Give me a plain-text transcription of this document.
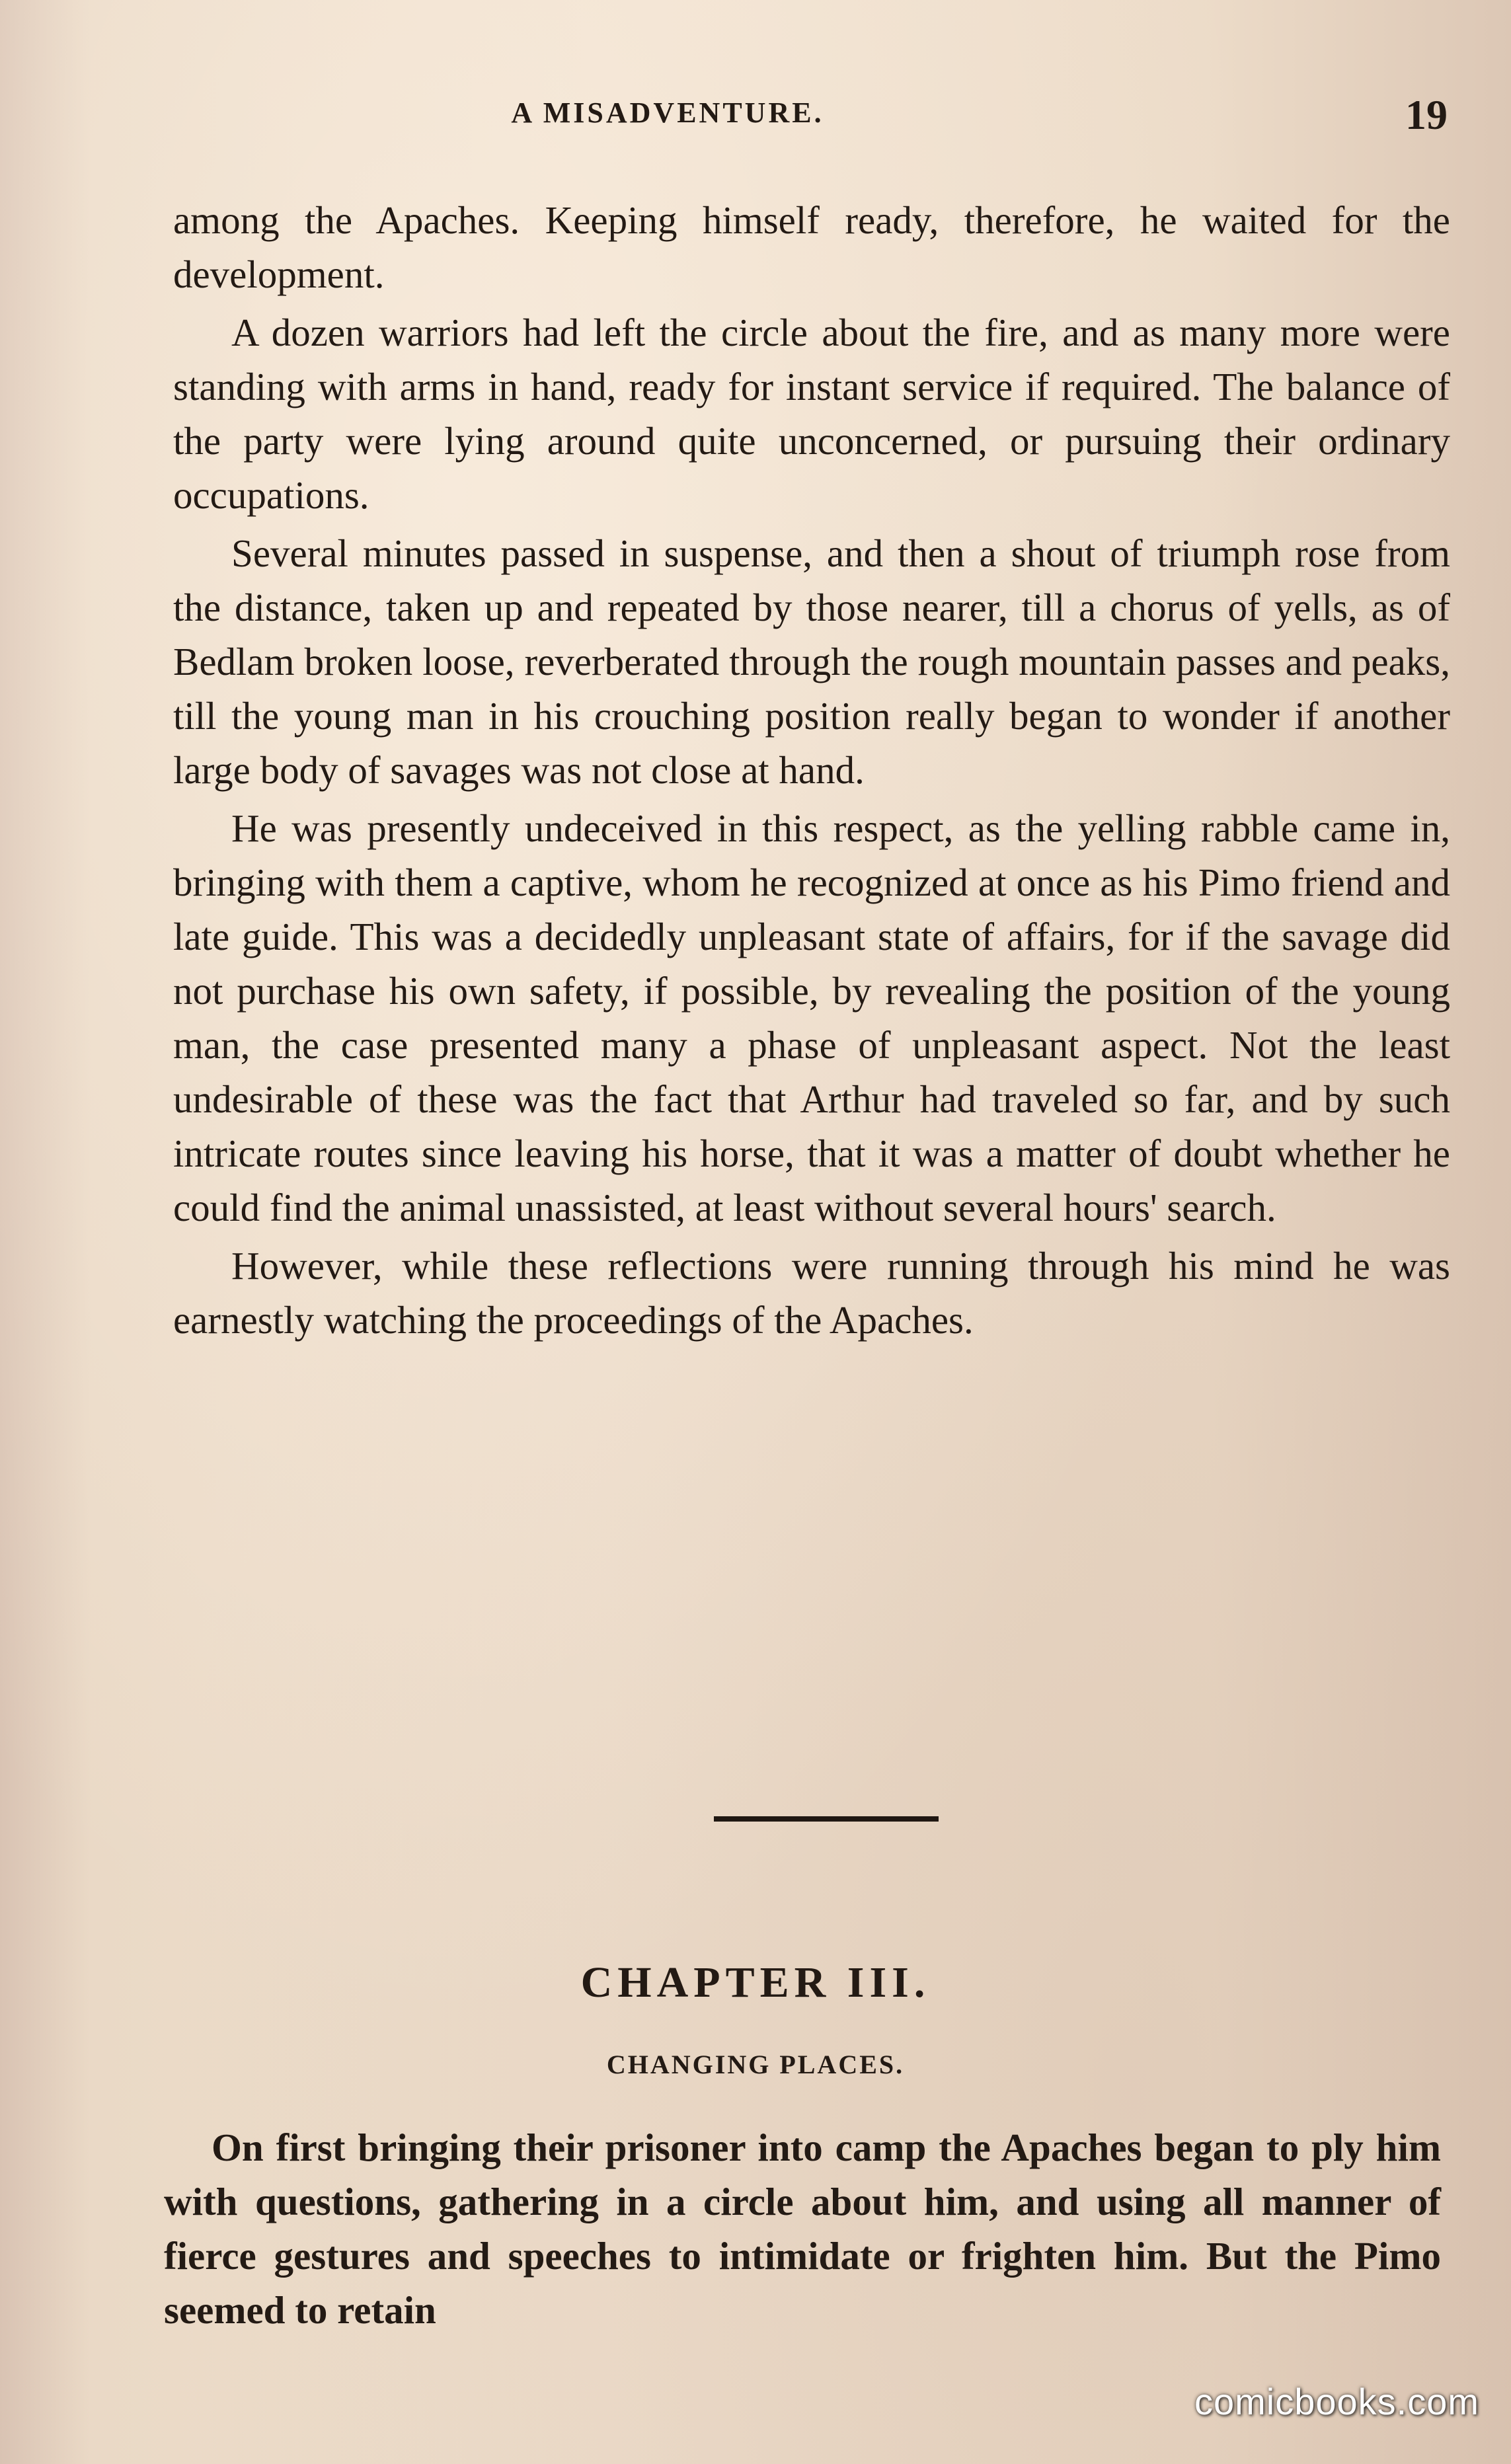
A MISADVENTURE.	19

among the Apaches. Keeping himself ready, therefore, he waited for the development.

A dozen warriors had left the circle about the fire, and as many more were standing with arms in hand, ready for instant service if required. The balance of the party were lying around quite unconcerned, or pursuing their ordinary occupations.

Several minutes passed in suspense, and then a shout of triumph rose from the distance, taken up and repeated by those nearer, till a chorus of yells, as of Bedlam broken loose, reverberated through the rough mountain passes and peaks, till the young man in his crouching position really began to wonder if another large body of savages was not close at hand.

He was presently undeceived in this respect, as the yelling rabble came in, bringing with them a captive, whom he recognized at once as his Pimo friend and late guide. This was a decidedly unpleasant state of affairs, for if the savage did not purchase his own safety, if possible, by revealing the position of the young man, the case presented many a phase of unpleasant aspect. Not the least undesirable of these was the fact that Arthur had traveled so far, and by such intricate routes since leaving his horse, that it was a matter of doubt whether he could find the animal unassisted, at least without several hours' search.

However, while these reflections were running through his mind he was earnestly watching the proceedings of the Apaches.

CHAPTER III.
CHANGING PLACES.

On first bringing their prisoner into camp the Apaches began to ply him with questions, gathering in a circle about him, and using all manner of fierce gestures and speeches to intimidate or frighten him. But the Pimo seemed to retain

comicbooks.com
